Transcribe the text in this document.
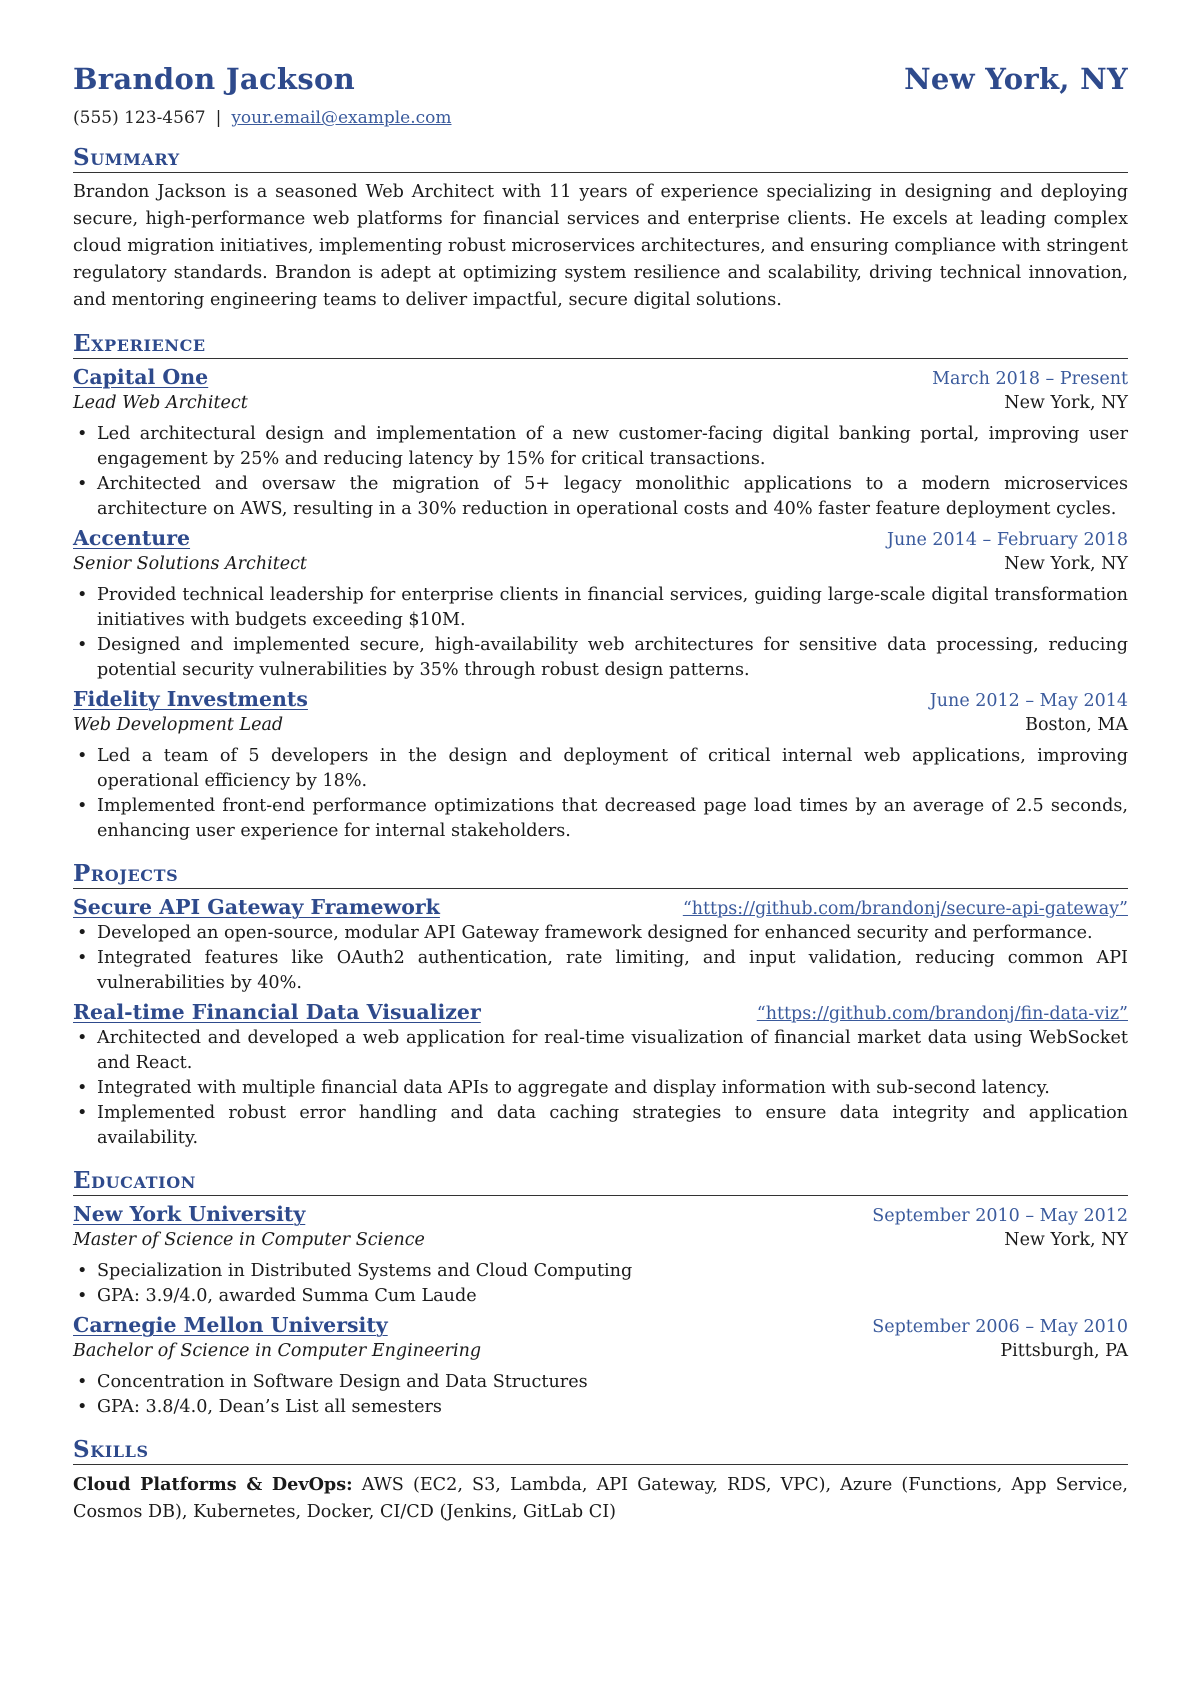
Brandon Jackson	New York, NY
(555) 123-4567 | your.email@example.com
Summary
Brandon Jackson is a seasoned Web Architect with 11 years of experience specializing in designing and deploying secure, high-performance web platforms for financial services and enterprise clients. He excels at leading complex cloud migration initiatives, implementing robust microservices architectures, and ensuring compliance with stringent regulatory standards. Brandon is adept at optimizing system resilience and scalability, driving technical innovation, and mentoring engineering teams to deliver impactful, secure digital solutions.
Experience
Capital One	March 2018 – Present
Lead Web Architect	New York, NY
• Led architectural design and implementation of a new customer-facing digital banking portal, improving user engagement by 25% and reducing latency by 15% for critical transactions.
• Architected and oversaw the migration of 5+ legacy monolithic applications to a modern microservices architecture on AWS, resulting in a 30% reduction in operational costs and 40% faster feature deployment cycles.
Accenture	June 2014 – February 2018
Senior Solutions Architect	New York, NY
• Provided technical leadership for enterprise clients in financial services, guiding large-scale digital transformation initiatives with budgets exceeding $10M.
• Designed and implemented secure, high-availability web architectures for sensitive data processing, reducing potential security vulnerabilities by 35% through robust design patterns.
Fidelity Investments	June 2012 – May 2014
Web Development Lead	Boston, MA
• Led a team of 5 developers in the design and deployment of critical internal web applications, improving operational efficiency by 18%.
• Implemented front-end performance optimizations that decreased page load times by an average of 2.5 seconds, enhancing user experience for internal stakeholders.
Projects
Secure API Gateway Framework	“https://github.com/brandonj/secure-api-gateway”
• Developed an open-source, modular API Gateway framework designed for enhanced security and performance.
• Integrated features like OAuth2 authentication, rate limiting, and input validation, reducing common API vulnerabilities by 40%.
Real-time Financial Data Visualizer	“https://github.com/brandonj/fin-data-viz”
• Architected and developed a web application for real-time visualization of financial market data using WebSocket and React.
• Integrated with multiple financial data APIs to aggregate and display information with sub-second latency.
• Implemented robust error handling and data caching strategies to ensure data integrity and application availability.
Education
New York University	September 2010 – May 2012
Master of Science in Computer Science	New York, NY
• Specialization in Distributed Systems and Cloud Computing
• GPA: 3.9/4.0, awarded Summa Cum Laude
Carnegie Mellon University	September 2006 – May 2010
Bachelor of Science in Computer Engineering	Pittsburgh, PA
• Concentration in Software Design and Data Structures
• GPA: 3.8/4.0, Dean’s List all semesters
Skills
Cloud Platforms & DevOps: AWS (EC2, S3, Lambda, API Gateway, RDS, VPC), Azure (Functions, App Service, Cosmos DB), Kubernetes, Docker, CI/CD (Jenkins, GitLab CI)
